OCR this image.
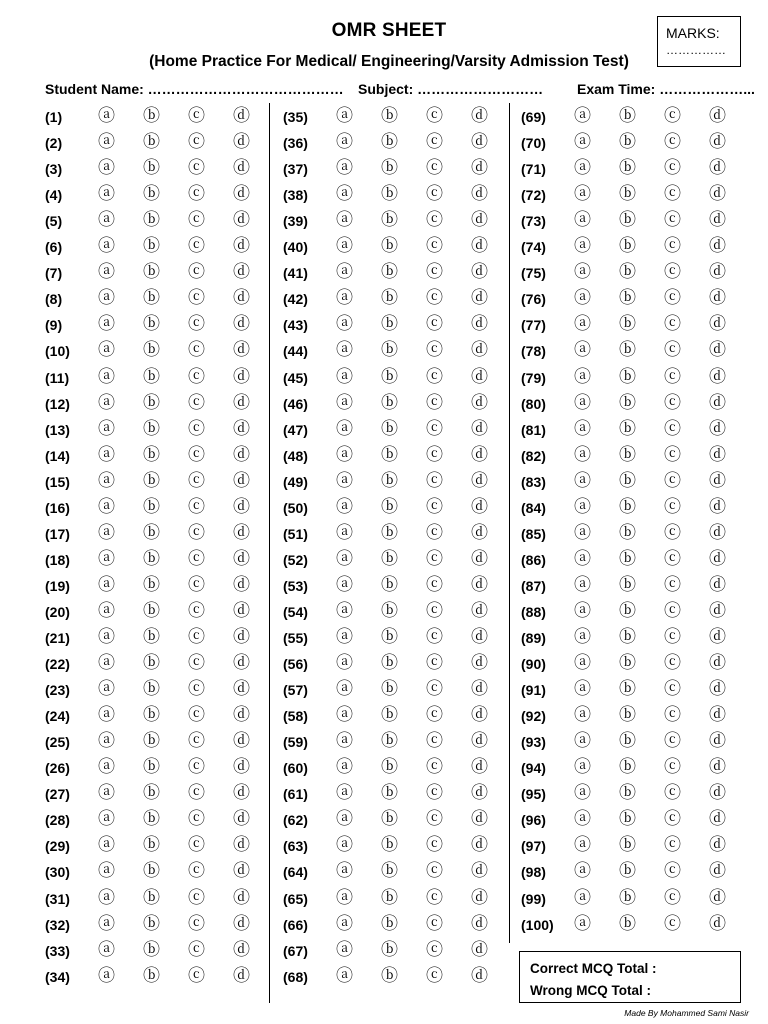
OMR SHEET
(Home Practice For Medical/ Engineering/Varsity Admission Test)
MARKS:
……………
Student Name: …………………………………… Subject: ……………………… Exam Time: ………………...
(1) ⓐ ⓑ ⓒ ⓓ
(2) ⓐ ⓑ ⓒ ⓓ
(3) ⓐ ⓑ ⓒ ⓓ
(4) ⓐ ⓑ ⓒ ⓓ
(5) ⓐ ⓑ ⓒ ⓓ
(6) ⓐ ⓑ ⓒ ⓓ
(7) ⓐ ⓑ ⓒ ⓓ
(8) ⓐ ⓑ ⓒ ⓓ
(9) ⓐ ⓑ ⓒ ⓓ
(10) ⓐ ⓑ ⓒ ⓓ
(11) ⓐ ⓑ ⓒ ⓓ
(12) ⓐ ⓑ ⓒ ⓓ
(13) ⓐ ⓑ ⓒ ⓓ
(14) ⓐ ⓑ ⓒ ⓓ
(15) ⓐ ⓑ ⓒ ⓓ
(16) ⓐ ⓑ ⓒ ⓓ
(17) ⓐ ⓑ ⓒ ⓓ
(18) ⓐ ⓑ ⓒ ⓓ
(19) ⓐ ⓑ ⓒ ⓓ
(20) ⓐ ⓑ ⓒ ⓓ
(21) ⓐ ⓑ ⓒ ⓓ
(22) ⓐ ⓑ ⓒ ⓓ
(23) ⓐ ⓑ ⓒ ⓓ
(24) ⓐ ⓑ ⓒ ⓓ
(25) ⓐ ⓑ ⓒ ⓓ
(26) ⓐ ⓑ ⓒ ⓓ
(27) ⓐ ⓑ ⓒ ⓓ
(28) ⓐ ⓑ ⓒ ⓓ
(29) ⓐ ⓑ ⓒ ⓓ
(30) ⓐ ⓑ ⓒ ⓓ
(31) ⓐ ⓑ ⓒ ⓓ
(32) ⓐ ⓑ ⓒ ⓓ
(33) ⓐ ⓑ ⓒ ⓓ
(34) ⓐ ⓑ ⓒ ⓓ
(35) ⓐ ⓑ ⓒ ⓓ
(36) ⓐ ⓑ ⓒ ⓓ
(37) ⓐ ⓑ ⓒ ⓓ
(38) ⓐ ⓑ ⓒ ⓓ
(39) ⓐ ⓑ ⓒ ⓓ
(40) ⓐ ⓑ ⓒ ⓓ
(41) ⓐ ⓑ ⓒ ⓓ
(42) ⓐ ⓑ ⓒ ⓓ
(43) ⓐ ⓑ ⓒ ⓓ
(44) ⓐ ⓑ ⓒ ⓓ
(45) ⓐ ⓑ ⓒ ⓓ
(46) ⓐ ⓑ ⓒ ⓓ
(47) ⓐ ⓑ ⓒ ⓓ
(48) ⓐ ⓑ ⓒ ⓓ
(49) ⓐ ⓑ ⓒ ⓓ
(50) ⓐ ⓑ ⓒ ⓓ
(51) ⓐ ⓑ ⓒ ⓓ
(52) ⓐ ⓑ ⓒ ⓓ
(53) ⓐ ⓑ ⓒ ⓓ
(54) ⓐ ⓑ ⓒ ⓓ
(55) ⓐ ⓑ ⓒ ⓓ
(56) ⓐ ⓑ ⓒ ⓓ
(57) ⓐ ⓑ ⓒ ⓓ
(58) ⓐ ⓑ ⓒ ⓓ
(59) ⓐ ⓑ ⓒ ⓓ
(60) ⓐ ⓑ ⓒ ⓓ
(61) ⓐ ⓑ ⓒ ⓓ
(62) ⓐ ⓑ ⓒ ⓓ
(63) ⓐ ⓑ ⓒ ⓓ
(64) ⓐ ⓑ ⓒ ⓓ
(65) ⓐ ⓑ ⓒ ⓓ
(66) ⓐ ⓑ ⓒ ⓓ
(67) ⓐ ⓑ ⓒ ⓓ
(68) ⓐ ⓑ ⓒ ⓓ
(69) ⓐ ⓑ ⓒ ⓓ
(70) ⓐ ⓑ ⓒ ⓓ
(71) ⓐ ⓑ ⓒ ⓓ
(72) ⓐ ⓑ ⓒ ⓓ
(73) ⓐ ⓑ ⓒ ⓓ
(74) ⓐ ⓑ ⓒ ⓓ
(75) ⓐ ⓑ ⓒ ⓓ
(76) ⓐ ⓑ ⓒ ⓓ
(77) ⓐ ⓑ ⓒ ⓓ
(78) ⓐ ⓑ ⓒ ⓓ
(79) ⓐ ⓑ ⓒ ⓓ
(80) ⓐ ⓑ ⓒ ⓓ
(81) ⓐ ⓑ ⓒ ⓓ
(82) ⓐ ⓑ ⓒ ⓓ
(83) ⓐ ⓑ ⓒ ⓓ
(84) ⓐ ⓑ ⓒ ⓓ
(85) ⓐ ⓑ ⓒ ⓓ
(86) ⓐ ⓑ ⓒ ⓓ
(87) ⓐ ⓑ ⓒ ⓓ
(88) ⓐ ⓑ ⓒ ⓓ
(89) ⓐ ⓑ ⓒ ⓓ
(90) ⓐ ⓑ ⓒ ⓓ
(91) ⓐ ⓑ ⓒ ⓓ
(92) ⓐ ⓑ ⓒ ⓓ
(93) ⓐ ⓑ ⓒ ⓓ
(94) ⓐ ⓑ ⓒ ⓓ
(95) ⓐ ⓑ ⓒ ⓓ
(96) ⓐ ⓑ ⓒ ⓓ
(97) ⓐ ⓑ ⓒ ⓓ
(98) ⓐ ⓑ ⓒ ⓓ
(99) ⓐ ⓑ ⓒ ⓓ
(100) ⓐ ⓑ ⓒ ⓓ
Correct MCQ Total :
Wrong MCQ Total :
Made By Mohammed Sami Nasir
